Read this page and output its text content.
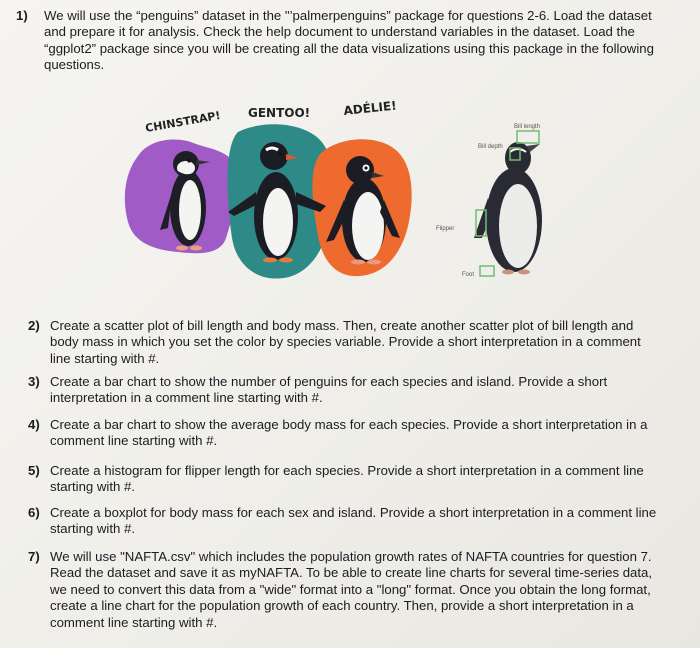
1) We will use the “penguins” dataset in the "’palmerpenguins” package for questions 2-6. Load the dataset and prepare it for analysis. Check the help document to understand variables in the dataset. Load the “ggplot2” package since you will be creating all the data visualizations using this package in the following questions.
CHINSTRAP! GENTOO!	ADÉLIE!
Bill length
Bill depth
Flipper
Foot
2) Create a scatter plot of bill length and body mass. Then, create another scatter plot of bill length and body mass in which you set the color by species variable. Provide a short interpretation in a comment line starting with #.
3) Create a bar chart to show the number of penguins for each species and island. Provide a short interpretation in a comment line starting with #.
4) Create a bar chart to show the average body mass for each species. Provide a short interpretation in a comment line starting with #.
5) Create a histogram for flipper length for each species. Provide a short interpretation in a comment line starting with #.
6) Create a boxplot for body mass for each sex and island. Provide a short interpretation in a comment line starting with #.
7) We will use "NAFTA.csv" which includes the population growth rates of NAFTA countries for question 7. Read the dataset and save it as myNAFTA. To be able to create line charts for several time-series data, we need to convert this data from a "wide" format into a "long" format. Once you obtain the long format, create a line chart for the population growth of each country. Then, provide a short interpretation in a comment line starting with #.
